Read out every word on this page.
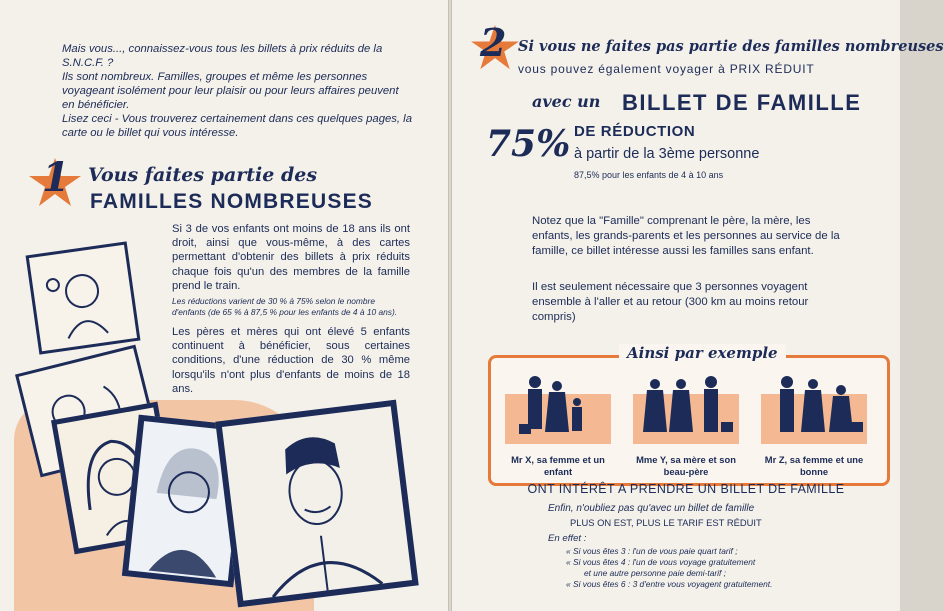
Mais vous..., connaissez-vous tous les billets à prix réduits de la S.N.C.F. ?

Ils sont nombreux. Familles, groupes et même les personnes voyageant isolément pour leur plaisir ou pour leurs affaires peuvent en bénéficier.

Lisez ceci - Vous trouverez certainement dans ces quelques pages, la carte ou le billet qui vous intéresse.

1 Vous faites partie des
FAMILLES NOMBREUSES
Si 3 de vos enfants ont moins de 18 ans ils ont droit, ainsi que vous-même, à des cartes permettant d'obtenir des billets à prix réduits chaque fois qu'un des membres de la famille prend le train.
Les réductions varient de 30 % à 75% selon le nombre d'enfants (de 65 % à 87,5 % pour les enfants de 4 à 10 ans).
Les pères et mères qui ont élevé 5 enfants continuent à bénéficier, sous certaines conditions, d'une réduction de 30 % même lorsqu'ils n'ont plus d'enfants de moins de 18 ans.
2 Si vous ne faites pas partie des familles nombreuses
vous pouvez également voyager à PRIX RÉDUIT
avec un BILLET DE FAMILLE
75% DE RÉDUCTION
à partir de la 3ème personne
87,5% pour les enfants de 4 à 10 ans
Notez que la "Famille" comprenant le père, la mère, les enfants, les grands-parents et les personnes au service de la famille, ce billet intéresse aussi les familles sans enfant.
Il est seulement nécessaire que 3 personnes voyagent ensemble à l'aller et au retour (300 km au moins retour compris)
Ainsi par exemple
Mr X, sa femme et un enfant
Mme Y, sa mère et son beau-père
Mr Z, sa femme et une bonne
ONT INTÉRÊT A PRENDRE UN BILLET DE FAMILLE
Enfin, n'oubliez pas qu'avec un billet de famille
PLUS ON EST, PLUS LE TARIF EST RÉDUIT
En effet :
« Si vous êtes 3 : l'un de vous paie quart tarif ;
« Si vous êtes 4 : l'un de vous voyage gratuitement
et une autre personne paie demi-tarif ;
« Si vous êtes 6 : 3 d'entre vous voyagent gratuitement.
